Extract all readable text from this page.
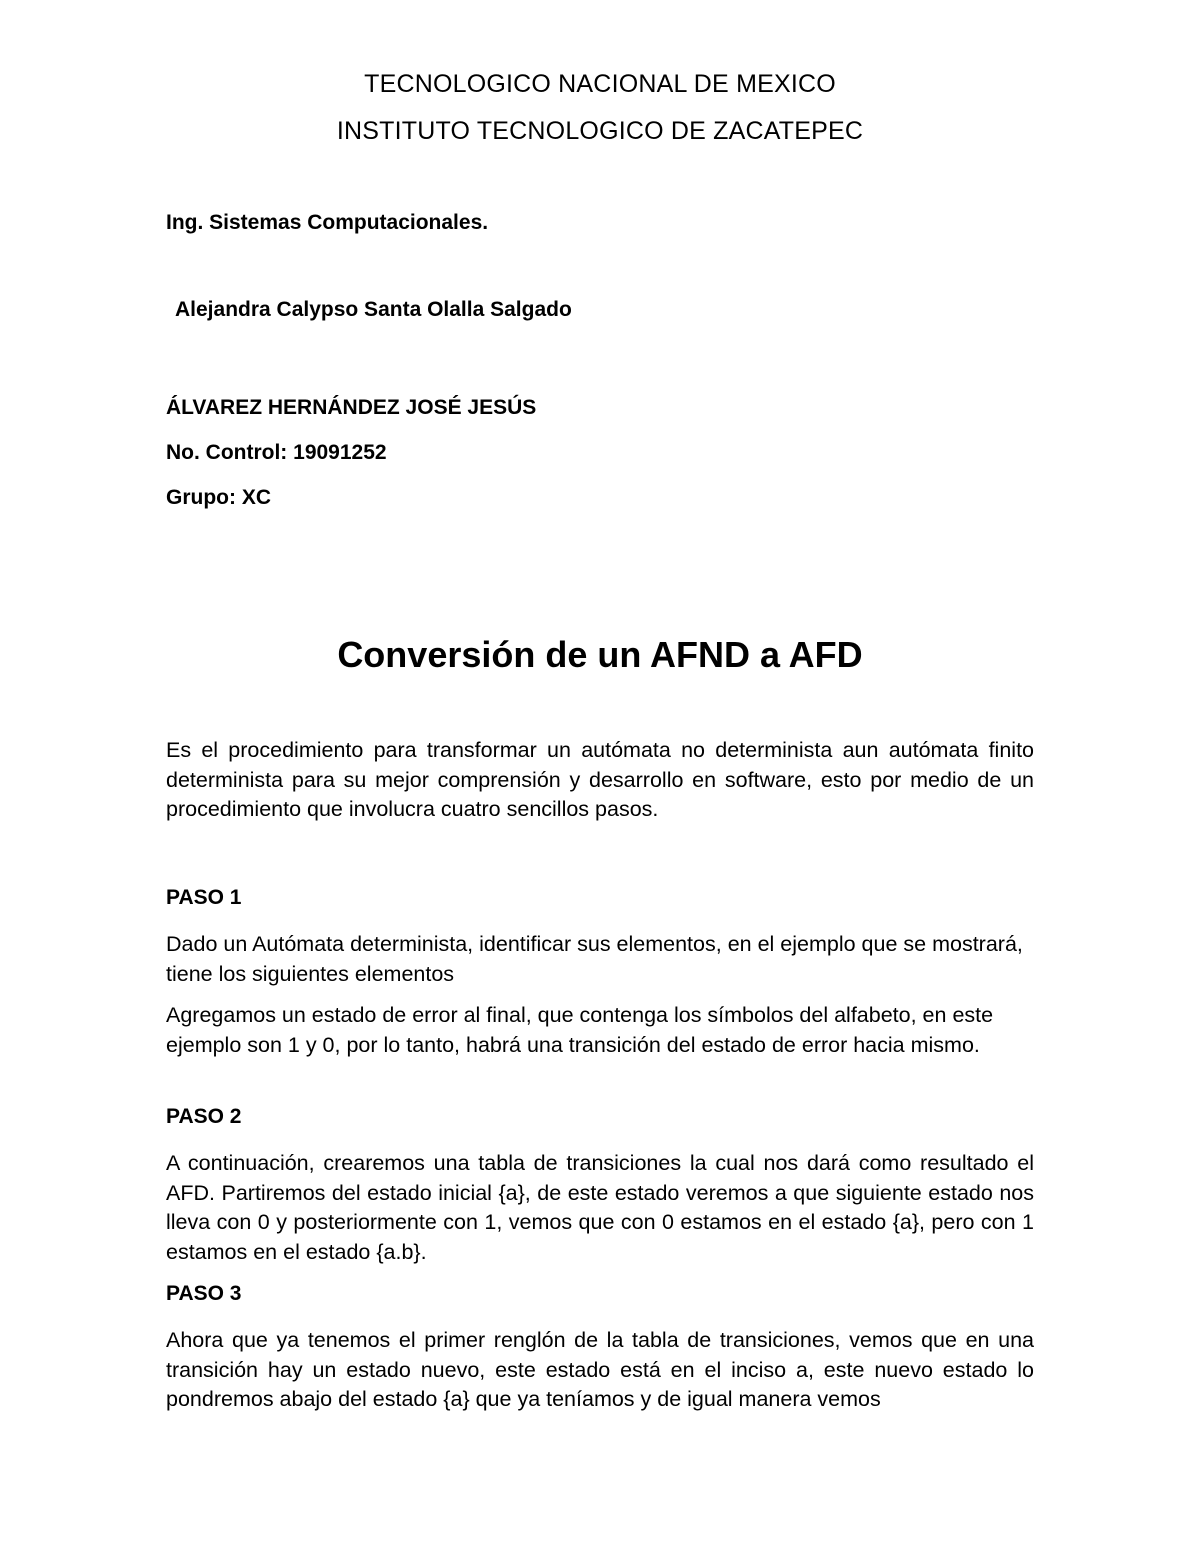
TECNOLOGICO NACIONAL DE MEXICO

INSTITUTO TECNOLOGICO DE ZACATEPEC

Ing. Sistemas Computacionales.

Alejandra Calypso Santa Olalla Salgado

ÁLVAREZ HERNÁNDEZ JOSÉ JESÚS

No. Control: 19091252

Grupo: XC

Conversión de un AFND a AFD

Es el procedimiento para transformar un autómata no determinista aun autómata finito determinista para su mejor comprensión y desarrollo en software, esto por medio de un procedimiento que involucra cuatro sencillos pasos.

PASO 1

Dado un Autómata determinista, identificar sus elementos, en el ejemplo que se mostrará, tiene los siguientes elementos

Agregamos un estado de error al final, que contenga los símbolos del alfabeto, en este ejemplo son 1 y 0, por lo tanto, habrá una transición del estado de error hacia mismo.

PASO 2

A continuación, crearemos una tabla de transiciones la cual nos dará como resultado el AFD. Partiremos del estado inicial {a}, de este estado veremos a que siguiente estado nos lleva con 0 y posteriormente con 1, vemos que con 0 estamos en el estado {a}, pero con 1 estamos en el estado {a.b}.

PASO 3

Ahora que ya tenemos el primer renglón de la tabla de transiciones, vemos que en una transición hay un estado nuevo, este estado está en el inciso a, este nuevo estado lo pondremos abajo del estado {a} que ya teníamos y de igual manera vemos
